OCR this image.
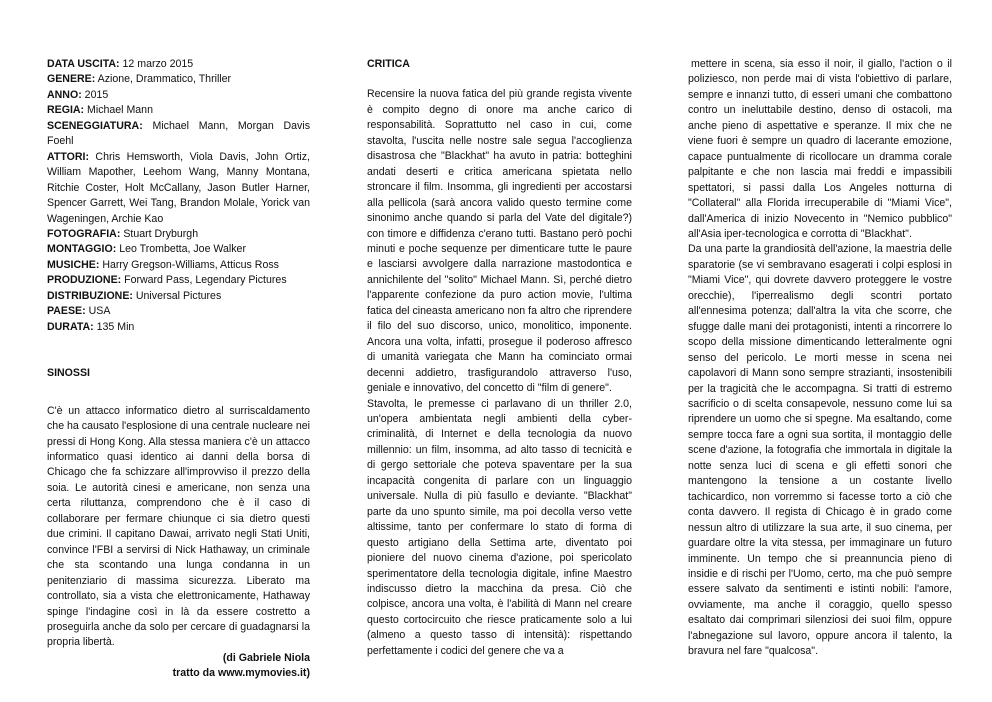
DATA USCITA: 12 marzo 2015

GENERE: Azione, Drammatico, Thriller

ANNO: 2015

REGIA: Michael Mann

SCENEGGIATURA: Michael Mann, Morgan Davis Foehl

ATTORI: Chris Hemsworth, Viola Davis, John Ortiz, William Mapother, Leehom Wang, Manny Montana, Ritchie Coster, Holt McCallany, Jason Butler Harner, Spencer Garrett, Wei Tang, Brandon Molale, Yorick van Wageningen, Archie Kao

FOTOGRAFIA: Stuart Dryburgh

MONTAGGIO: Leo Trombetta, Joe Walker

MUSICHE: Harry Gregson-Williams, Atticus Ross

PRODUZIONE: Forward Pass, Legendary Pictures

DISTRIBUZIONE: Universal Pictures

PAESE: USA

DURATA: 135 Min

SINOSSI

C'è un attacco informatico dietro al surriscaldamento che ha causato l'esplosione di una centrale nucleare nei pressi di Hong Kong. Alla stessa maniera c'è un attacco informatico quasi identico ai danni della borsa di Chicago che fa schizzare all'improvviso il prezzo della soia. Le autorità cinesi e americane, non senza una certa riluttanza, comprendono che è il caso di collaborare per fermare chiunque ci sia dietro questi due crimini. Il capitano Dawai, arrivato negli Stati Uniti, convince l'FBI a servirsi di Nick Hathaway, un criminale che sta scontando una lunga condanna in un penitenziario di massima sicurezza. Liberato ma controllato, sia a vista che elettronicamente, Hathaway spinge l'indagine così in là da essere costretto a proseguirla anche da solo per cercare di guadagnarsi la propria libertà.

(di Gabriele Niola

tratto da www.mymovies.it)

CRITICA

Recensire la nuova fatica del più grande regista vivente è compito degno di onore ma anche carico di responsabilità. Soprattutto nel caso in cui, come stavolta, l'uscita nelle nostre sale segua l'accoglienza disastrosa che "Blackhat" ha avuto in patria: botteghini andati deserti e critica americana spietata nello stroncare il film. Insomma, gli ingredienti per accostarsi alla pellicola (sarà ancora valido questo termine come sinonimo anche quando si parla del Vate del digitale?) con timore e diffidenza c'erano tutti. Bastano però pochi minuti e poche sequenze per dimenticare tutte le paure e lasciarsi avvolgere dalla narrazione mastodontica e annichilente del "solito" Michael Mann. Sì, perché dietro l'apparente confezione da puro action movie, l'ultima fatica del cineasta americano non fa altro che riprendere il filo del suo discorso, unico, monolitico, imponente. Ancora una volta, infatti, prosegue il poderoso affresco di umanità variegata che Mann ha cominciato ormai decenni addietro, trasfigurandolo attraverso l'uso, geniale e innovativo, del concetto di "film di genere".

Stavolta, le premesse ci parlavano di un thriller 2.0, un'opera ambientata negli ambienti della cyber-criminalità, di Internet e della tecnologia da nuovo millennio: un film, insomma, ad alto tasso di tecnicità e di gergo settoriale che poteva spaventare per la sua incapacità congenita di parlare con un linguaggio universale. Nulla di più fasullo e deviante. "Blackhat" parte da uno spunto simile, ma poi decolla verso vette altissime, tanto per confermare lo stato di forma di questo artigiano della Settima arte, diventato poi pioniere del nuovo cinema d'azione, poi spericolato sperimentatore della tecnologia digitale, infine Maestro indiscusso dietro la macchina da presa. Ciò che colpisce, ancora una volta, è l'abilità di Mann nel creare questo cortocircuito che riesce praticamente solo a lui (almeno a questo tasso di intensità): rispettando perfettamente i codici del genere che va a

mettere in scena, sia esso il noir, il giallo, l'action o il poliziesco, non perde mai di vista l'obiettivo di parlare, sempre e innanzi tutto, di esseri umani che combattono contro un ineluttabile destino, denso di ostacoli, ma anche pieno di aspettative e speranze. Il mix che ne viene fuori è sempre un quadro di lacerante emozione, capace puntualmente di ricollocare un dramma corale palpitante e che non lascia mai freddi e impassibili spettatori, si passi dalla Los Angeles notturna di "Collateral" alla Florida irrecuperabile di "Miami Vice", dall'America di inizio Novecento in "Nemico pubblico" all'Asia iper-tecnologica e corrotta di "Blackhat".

Da una parte la grandiosità dell'azione, la maestria delle sparatorie (se vi sembravano esagerati i colpi esplosi in "Miami Vice", qui dovrete davvero proteggere le vostre orecchie), l'iperrealismo degli scontri portato all'ennesima potenza; dall'altra la vita che scorre, che sfugge dalle mani dei protagonisti, intenti a rincorrere lo scopo della missione dimenticando letteralmente ogni senso del pericolo. Le morti messe in scena nei capolavori di Mann sono sempre strazianti, insostenibili per la tragicità che le accompagna. Si tratti di estremo sacrificio o di scelta consapevole, nessuno come lui sa riprendere un uomo che si spegne. Ma esaltando, come sempre tocca fare a ogni sua sortita, il montaggio delle scene d'azione, la fotografia che immortala in digitale la notte senza luci di scena e gli effetti sonori che mantengono la tensione a un costante livello tachicardico, non vorremmo si facesse torto a ciò che conta davvero. Il regista di Chicago è in grado come nessun altro di utilizzare la sua arte, il suo cinema, per guardare oltre la vita stessa, per immaginare un futuro imminente. Un tempo che si preannuncia pieno di insidie e di rischi per l'Uomo, certo, ma che può sempre essere salvato da sentimenti e istinti nobili: l'amore, ovviamente, ma anche il coraggio, quello spesso esaltato dai comprimari silenziosi dei suoi film, oppure l'abnegazione sul lavoro, oppure ancora il talento, la bravura nel fare "qualcosa".
